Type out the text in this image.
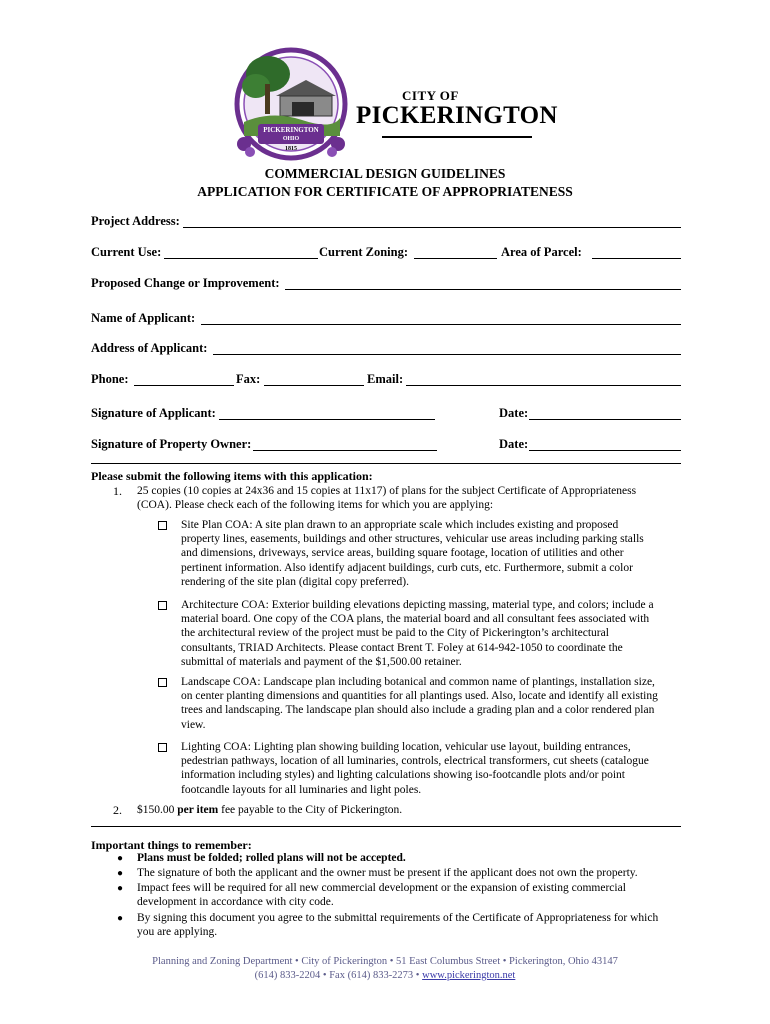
PICKERINGTON
OHIO
1815
CITY OF
PICKERINGTON
COMMERCIAL DESIGN GUIDELINES
APPLICATION FOR CERTIFICATE OF APPROPRIATENESS
Project Address:
Current Use:	Current Zoning:	Area of Parcel:
Proposed Change or Improvement:
Name of Applicant:
Address of Applicant:
Phone:	Fax:	Email:
Signature of Applicant:	Date:
Signature of Property Owner:	Date:
Please submit the following items with this application:
1. 25 copies (10 copies at 24x36 and 15 copies at 11x17) of plans for the subject Certificate of Appropriateness
(COA). Please check each of the following items for which you are applying:
Site Plan COA: A site plan drawn to an appropriate scale which includes existing and proposed
property lines, easements, buildings and other structures, vehicular use areas including parking stalls
and dimensions, driveways, service areas, building square footage, location of utilities and other
pertinent information. Also identify adjacent buildings, curb cuts, etc. Furthermore, submit a color
rendering of the site plan (digital copy preferred).
Architecture COA: Exterior building elevations depicting massing, material type, and colors; include a
material board. One copy of the COA plans, the material board and all consultant fees associated with
the architectural review of the project must be paid to the City of Pickerington’s architectural
consultants, TRIAD Architects. Please contact Brent T. Foley at 614-942-1050 to coordinate the
submittal of materials and payment of the $1,500.00 retainer.
Landscape COA: Landscape plan including botanical and common name of plantings, installation size,
on center planting dimensions and quantities for all plantings used. Also, locate and identify all existing
trees and landscaping. The landscape plan should also include a grading plan and a color rendered plan
view.
Lighting COA: Lighting plan showing building location, vehicular use layout, building entrances,
pedestrian pathways, location of all luminaries, controls, electrical transformers, cut sheets (catalogue
information including styles) and lighting calculations showing iso-footcandle plots and/or point
footcandle layouts for all luminaries and light poles.
2. $150.00 per item fee payable to the City of Pickerington.
Important things to remember:
● Plans must be folded; rolled plans will not be accepted.
● The signature of both the applicant and the owner must be present if the applicant does not own the property.
● Impact fees will be required for all new commercial development or the expansion of existing commercial
development in accordance with city code.
● By signing this document you agree to the submittal requirements of the Certificate of Appropriateness for which
you are applying.
Planning and Zoning Department • City of Pickerington • 51 East Columbus Street • Pickerington, Ohio 43147
(614) 833-2204 • Fax (614) 833-2273 • www.pickerington.net
